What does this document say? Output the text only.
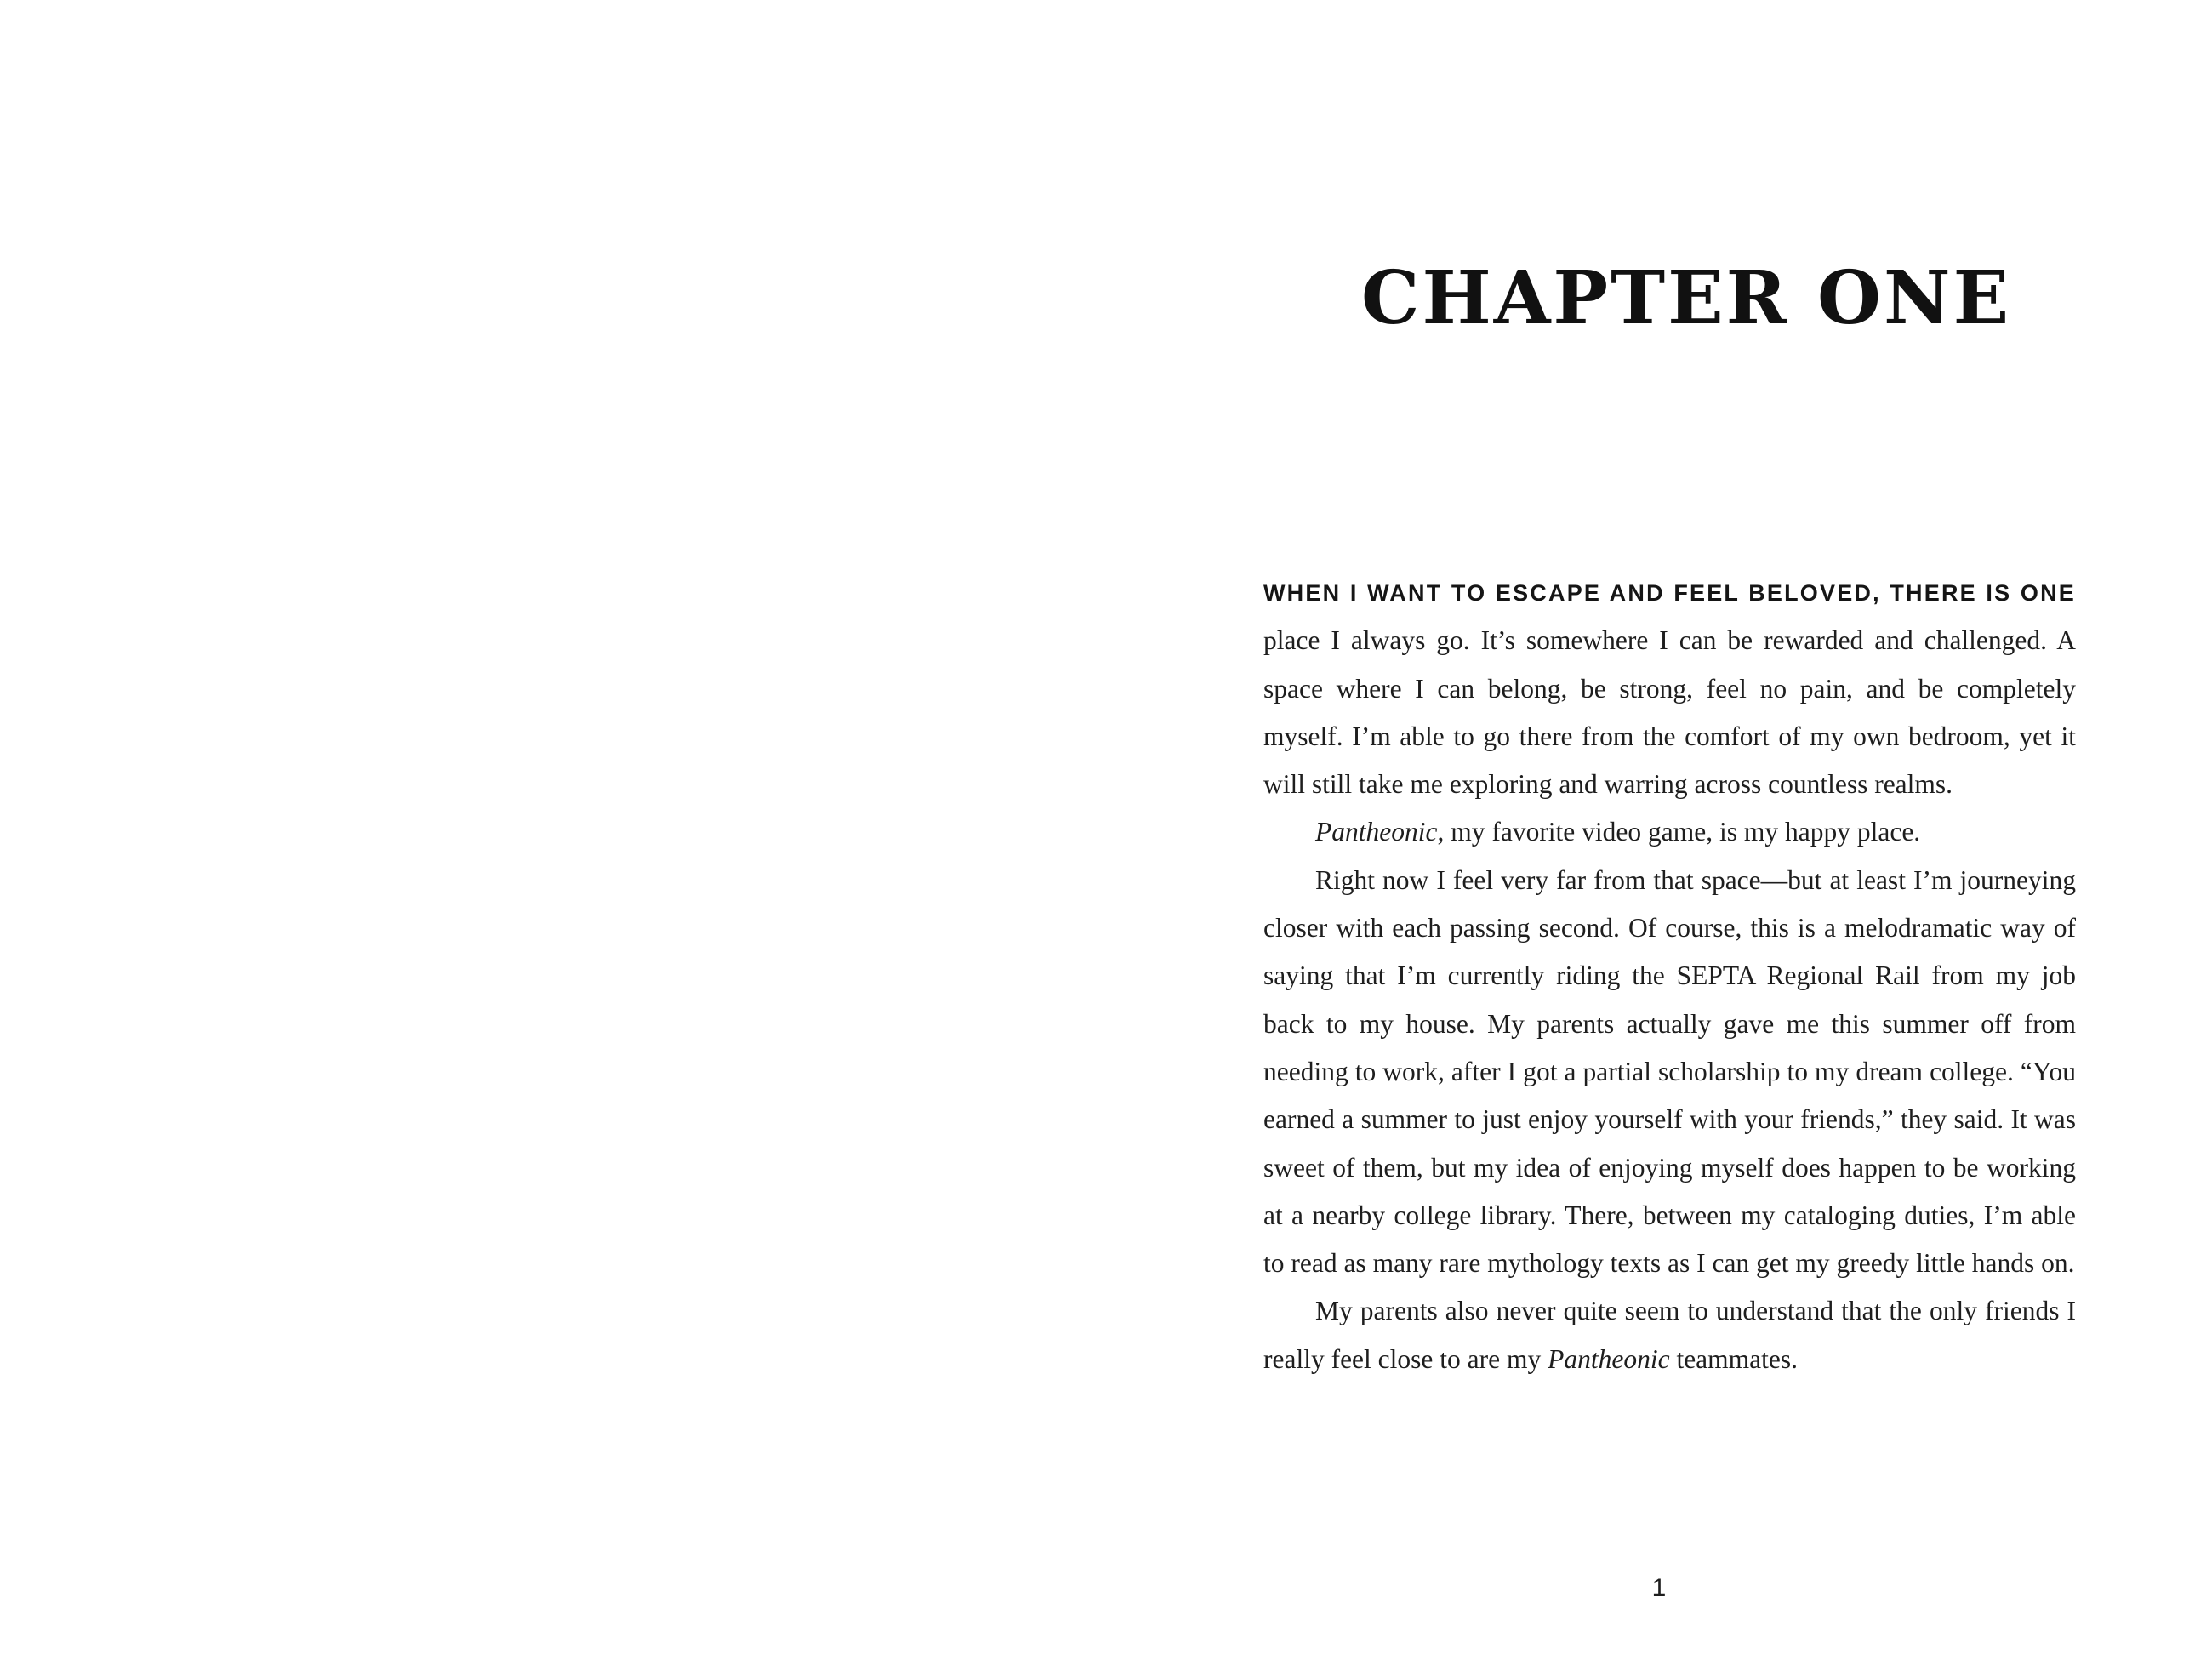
CHAPTER ONE

WHEN I WANT TO ESCAPE AND FEEL BELOVED, THERE IS ONE place I always go. It’s somewhere I can be rewarded and challenged. A space where I can belong, be strong, feel no pain, and be completely myself. I’m able to go there from the comfort of my own bedroom, yet it will still take me exploring and warring across countless realms.

Pantheonic, my favorite video game, is my happy place.

Right now I feel very far from that space—but at least I’m journeying closer with each passing second. Of course, this is a melodramatic way of saying that I’m currently riding the SEPTA Regional Rail from my job back to my house. My parents actually gave me this summer off from needing to work, after I got a partial scholarship to my dream college. “You earned a summer to just enjoy yourself with your friends,” they said. It was sweet of them, but my idea of enjoying myself does happen to be working at a nearby college library. There, between my cataloging duties, I’m able to read as many rare mythology texts as I can get my greedy little hands on.

My parents also never quite seem to understand that the only friends I really feel close to are my Pantheonic teammates.

1
